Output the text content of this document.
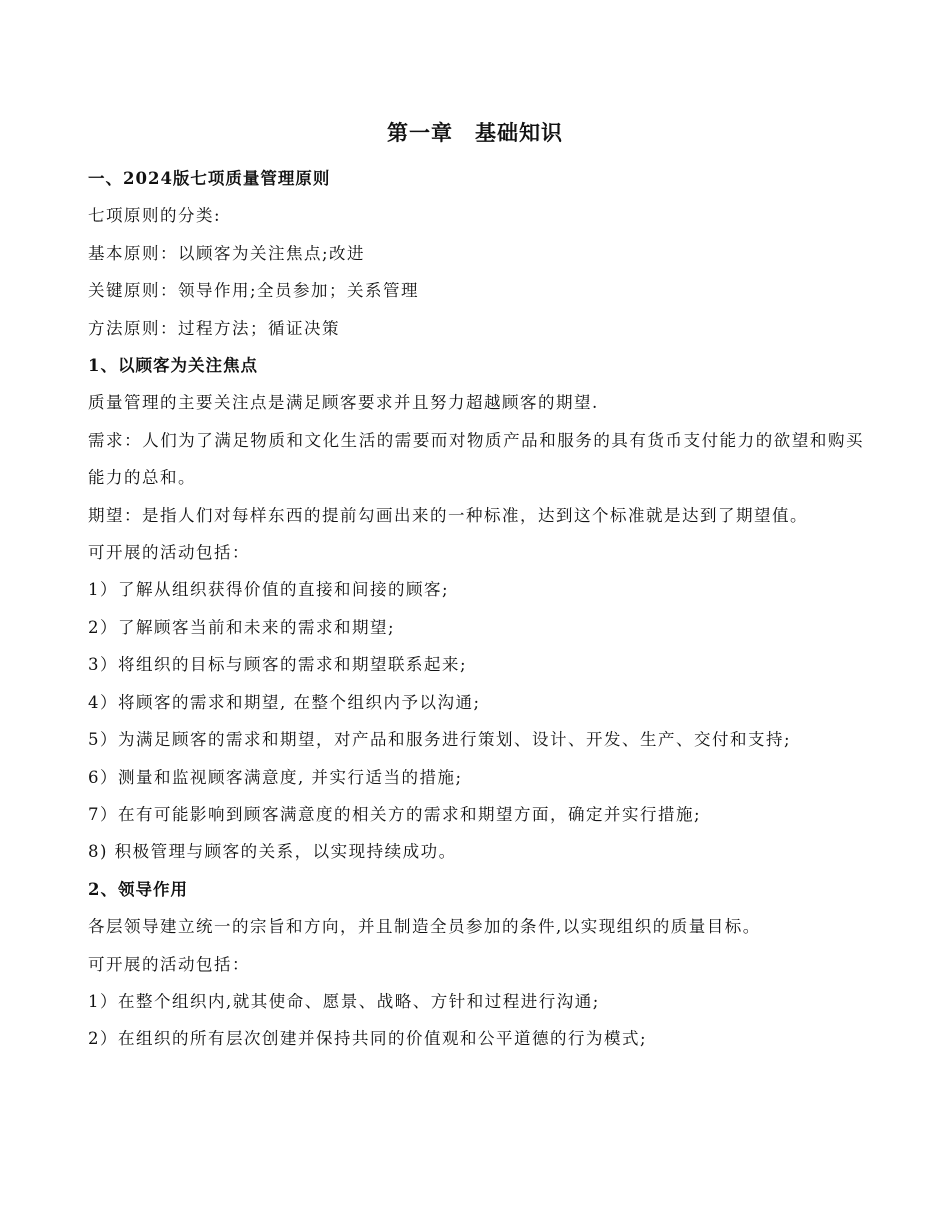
第一章　基础知识
一、2024版七项质量管理原则
七项原则的分类:
基本原则：以顾客为关注焦点;改进
关键原则：领导作用;全员参加；关系管理
方法原则：过程方法；循证决策
1、以顾客为关注焦点
质量管理的主要关注点是满足顾客要求并且努力超越顾客的期望.
需求：人们为了满足物质和文化生活的需要而对物质产品和服务的具有货币支付能力的欲望和购买能力的总和。
期望：是指人们对每样东西的提前勾画出来的一种标准，达到这个标准就是达到了期望值。
可开展的活动包括：
1）了解从组织获得价值的直接和间接的顾客;
2）了解顾客当前和未来的需求和期望;
3）将组织的目标与顾客的需求和期望联系起来;
4）将顾客的需求和期望, 在整个组织内予以沟通;
5）为满足顾客的需求和期望，对产品和服务进行策划、设计、开发、生产、交付和支持;
6）测量和监视顾客满意度, 并实行适当的措施;
7）在有可能影响到顾客满意度的相关方的需求和期望方面，确定并实行措施;
8) 积极管理与顾客的关系，以实现持续成功。
2、领导作用
各层领导建立统一的宗旨和方向，并且制造全员参加的条件,以实现组织的质量目标。
可开展的活动包括：
1）在整个组织内,就其使命、愿景、战略、方针和过程进行沟通;
2）在组织的所有层次创建并保持共同的价值观和公平道德的行为模式;
